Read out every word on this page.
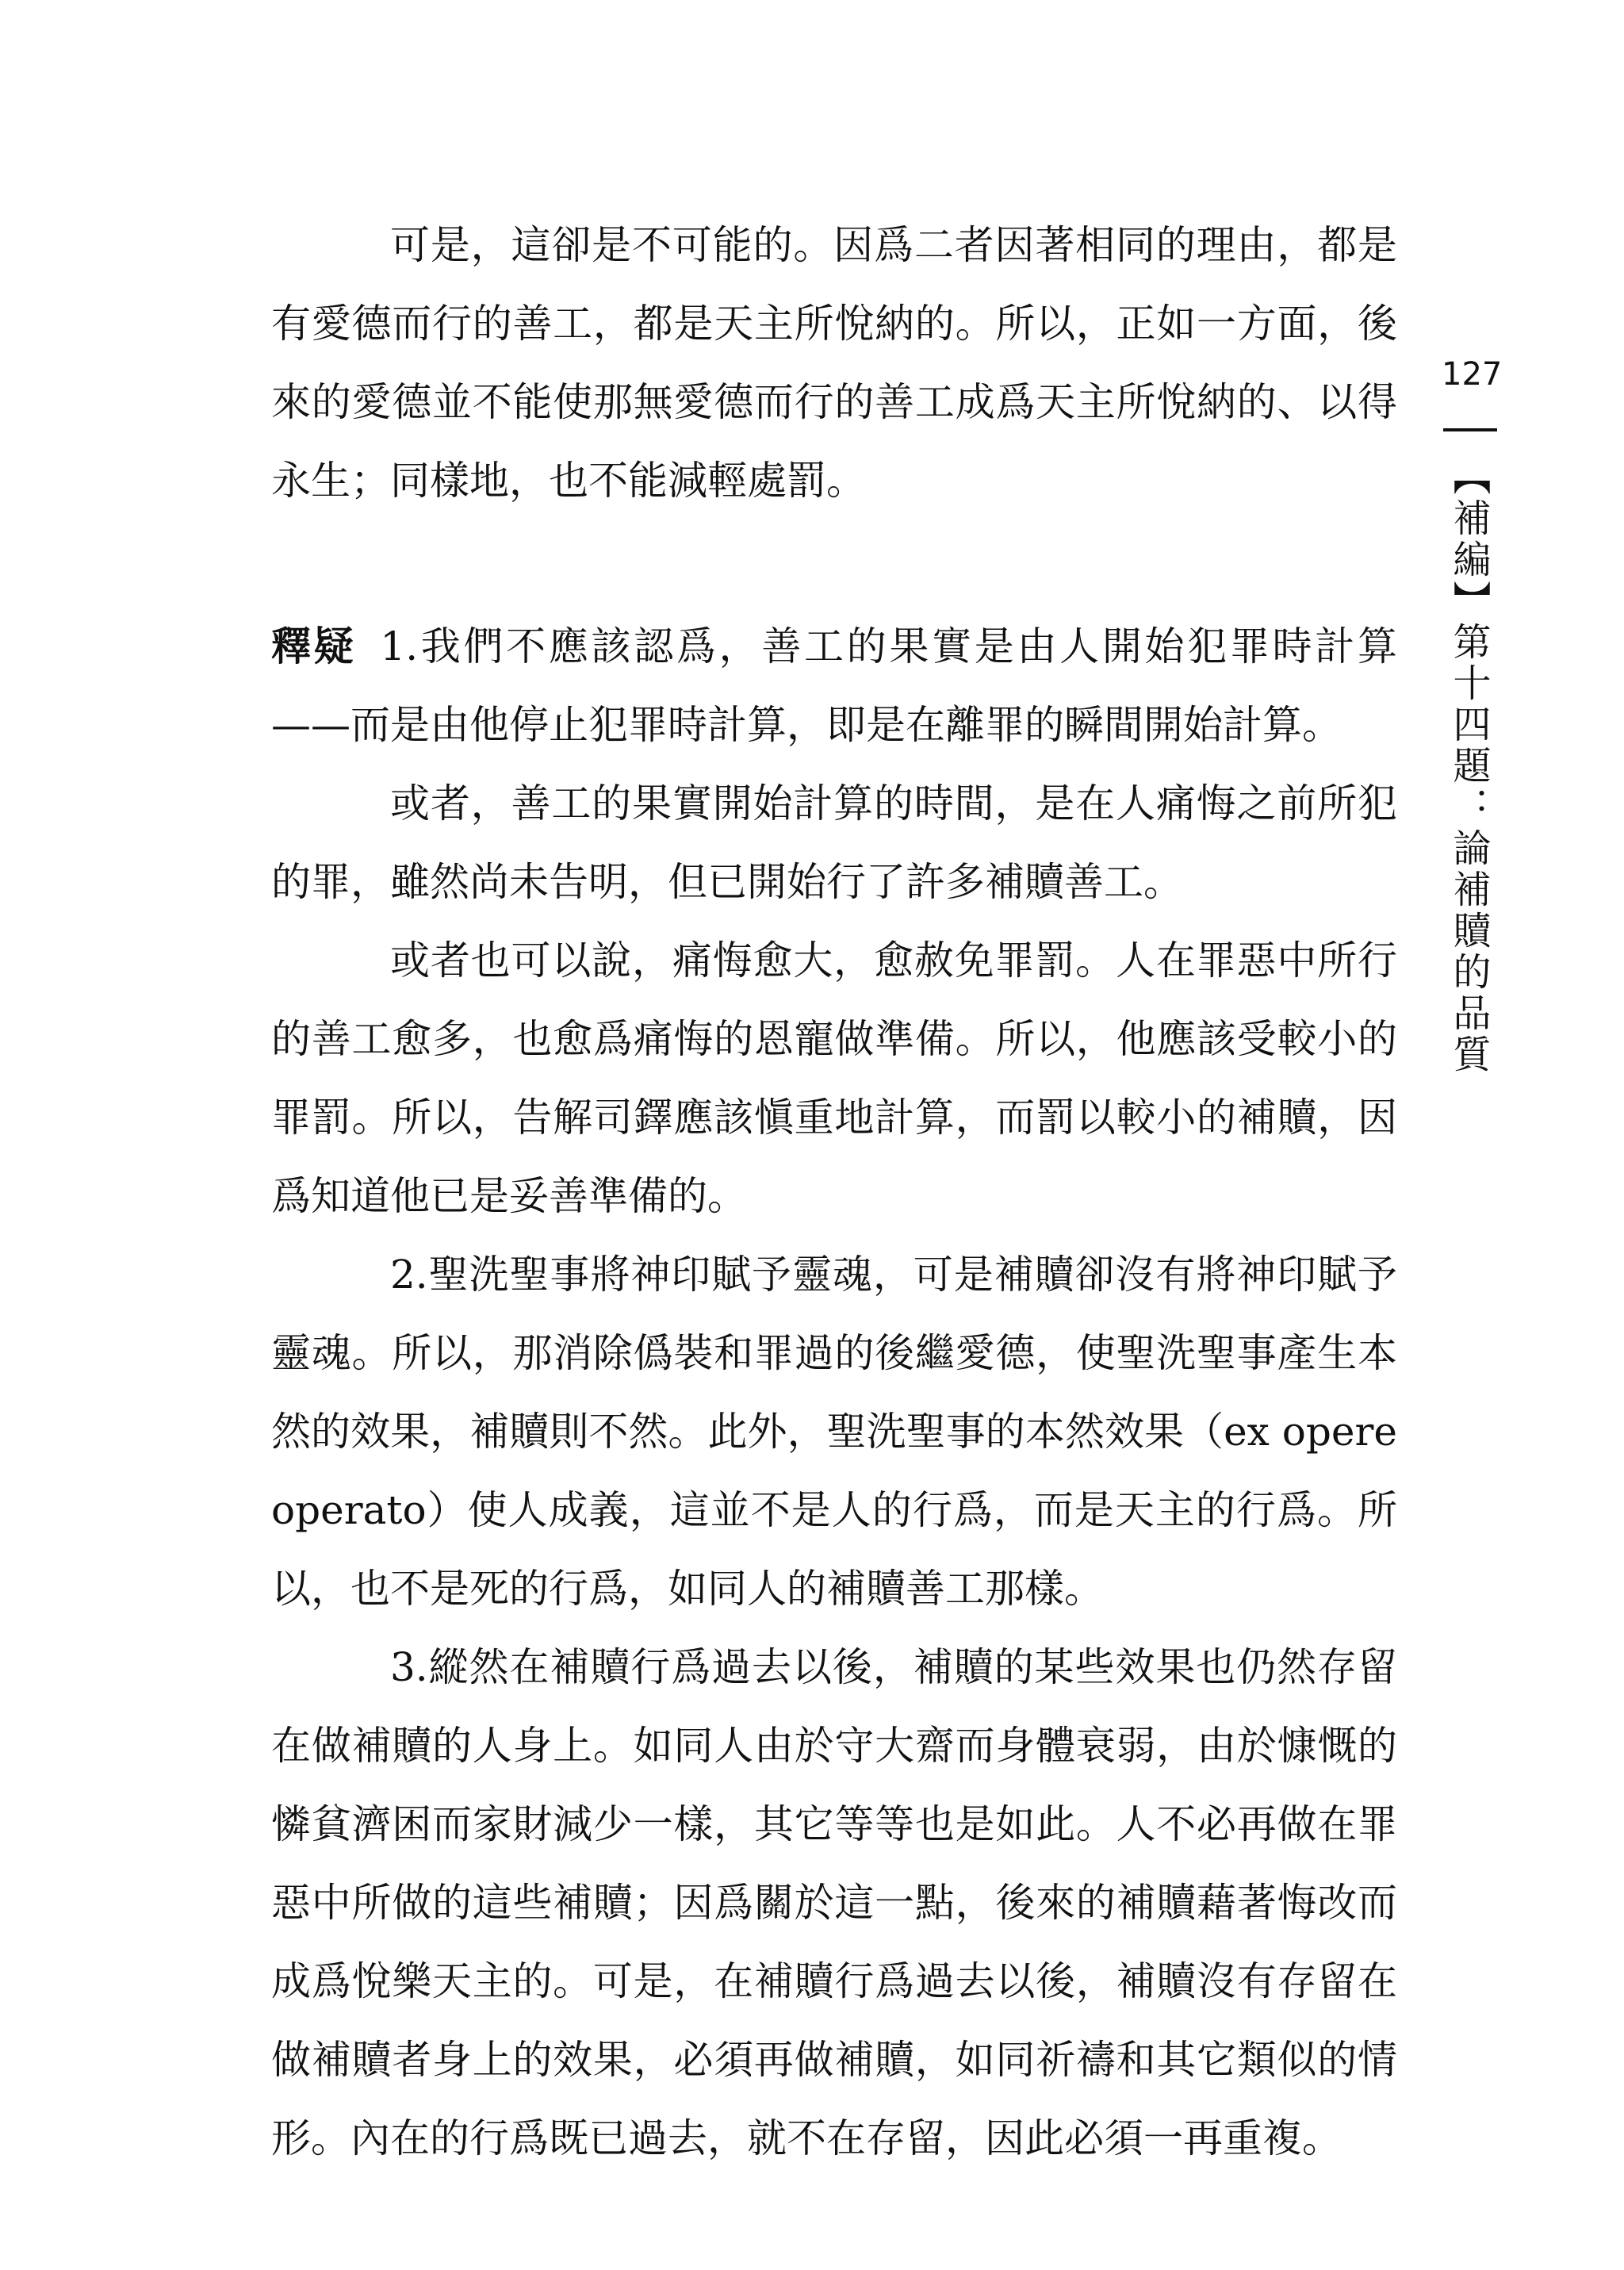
可是，這卻是不可能的。因爲二者因著相同的理由，都是有愛德而行的善工，都是天主所悅納的。所以，正如一方面，後來的愛德並不能使那無愛德而行的善工成爲天主所悅納的、以得永生；同樣地，也不能減輕處罰。

釋疑 1.我們不應該認爲，善工的果實是由人開始犯罪時計算——而是由他停止犯罪時計算，即是在離罪的瞬間開始計算。

或者，善工的果實開始計算的時間，是在人痛悔之前所犯的罪，雖然尚未告明，但已開始行了許多補贖善工。

或者也可以說，痛悔愈大，愈赦免罪罰。人在罪惡中所行的善工愈多，也愈爲痛悔的恩寵做準備。所以，他應該受較小的罪罰。所以，告解司鐸應該愼重地計算，而罰以較小的補贖，因爲知道他已是妥善準備的。

2.聖洗聖事將神印賦予靈魂，可是補贖卻沒有將神印賦予靈魂。所以，那消除僞裝和罪過的後繼愛德，使聖洗聖事產生本然的效果，補贖則不然。此外，聖洗聖事的本然效果（ex opere operato）使人成義，這並不是人的行爲，而是天主的行爲。所以，也不是死的行爲，如同人的補贖善工那樣。

3.縱然在補贖行爲過去以後，補贖的某些效果也仍然存留在做補贖的人身上。如同人由於守大齋而身體衰弱，由於慷慨的憐貧濟困而家財減少一樣，其它等等也是如此。人不必再做在罪惡中所做的這些補贖；因爲關於這一點，後來的補贖藉著悔改而成爲悅樂天主的。可是，在補贖行爲過去以後，補贖沒有存留在做補贖者身上的效果，必須再做補贖，如同祈禱和其它類似的情形。內在的行爲既已過去，就不在存留，因此必須一再重複。

127
【補編】第十四題：論補贖的品質
